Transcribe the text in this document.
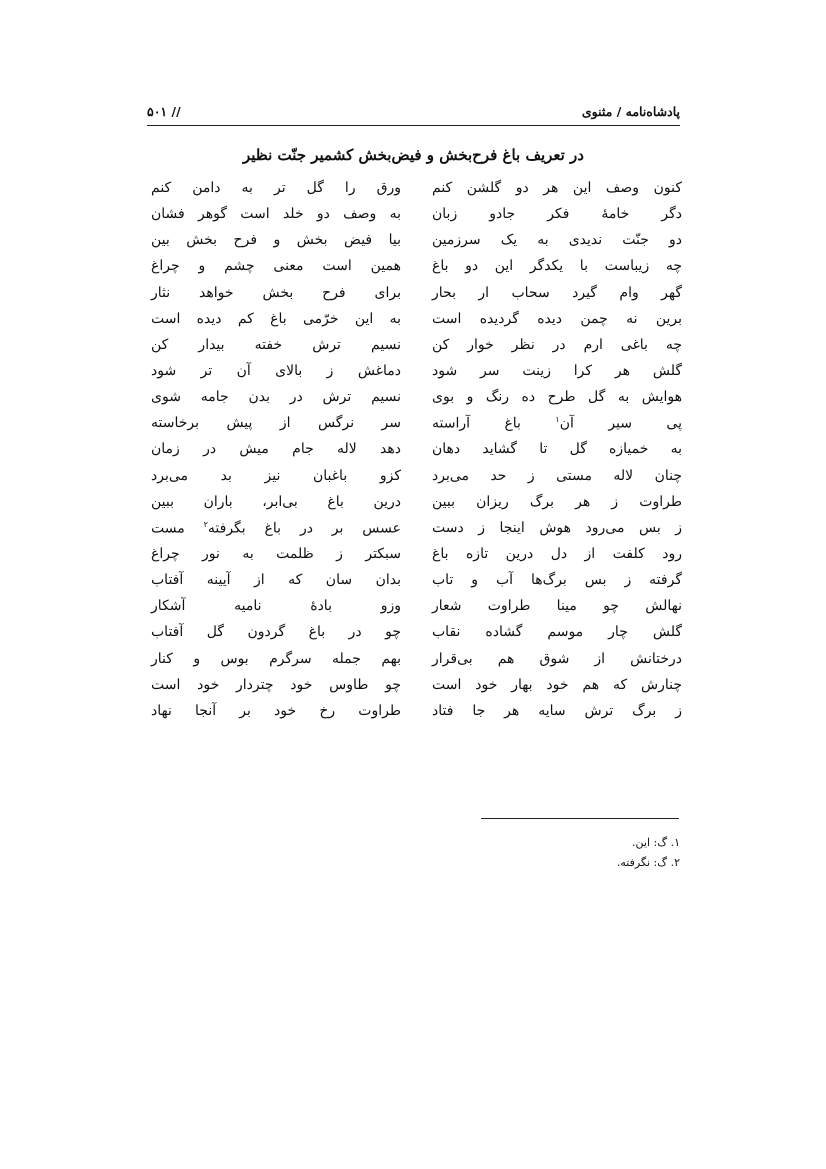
پادشاه‌نامه / مثنوی
// ۵۰۱
در تعریف باغ فرح‌بخش و فیض‌بخش کشمیر جنّت نظیر
کنون وصف این هر دو گلشن کنم
ورق را گل تر به دامن کنم
دگر خامهٔ فکر جادو زبان
به وصف دو خلد است گوهر فشان
دو جنّت ندیدی به یک سرزمین
بیا فیض بخش و فرح بخش بین
چه زیباست با یکدگر این دو باغ
همین است معنی چشم و چراغ
گهر وام گیرد سحاب ار بحار
برای فرح بخش خواهد نثار
برین نه چمن دیده گردیده است
به این خرّمی باغ کم دیده است
چه باغی ارم در نظر خوار کن
نسیم ترش خفته بیدار کن
گلش هر کرا زینت سر شود
دماغش ز بالای آن تر شود
هوایش به گل طرح ده رنگ و بوی
نسیم ترش در بدن جامه شوی
پی سیر آن$^۱$ باغ آراسته
سر نرگس از پیش برخاسته
به خمیازه گل تا گشاید دهان
دهد لاله جام میش در زمان
چنان لاله مستی ز حد می‌برد
کزو باغبان نیز بد می‌برد
طراوت ز هر برگ ریزان ببین
درین باغ بی‌ابر، باران ببین
ز بس می‌رود هوش اینجا ز دست
عسس بر در باغ بگرفته$^۲$ مست
رود کلفت از دل درین تازه باغ
سبکتر ز ظلمت به نور چراغ
گرفته ز بس برگ‌ها آب و تاب
بدان سان که از آیینه آفتاب
نهالش چو مینا طراوت شعار
وزو بادهٔ نامیه آشکار
گلش چار موسم گشاده نقاب
چو در باغ گردون گل آفتاب
درختانش از شوق هم بی‌قرار
بهم جمله سرگرم بوس و کنار
چنارش که هم خود بهار خود است
چو طاوس خود چتردار خود است
ز برگ ترش سایه هر جا فتاد
طراوت رخ خود بر آنجا نهاد
۱. گ: این.
۲. گ: نگرفته.
